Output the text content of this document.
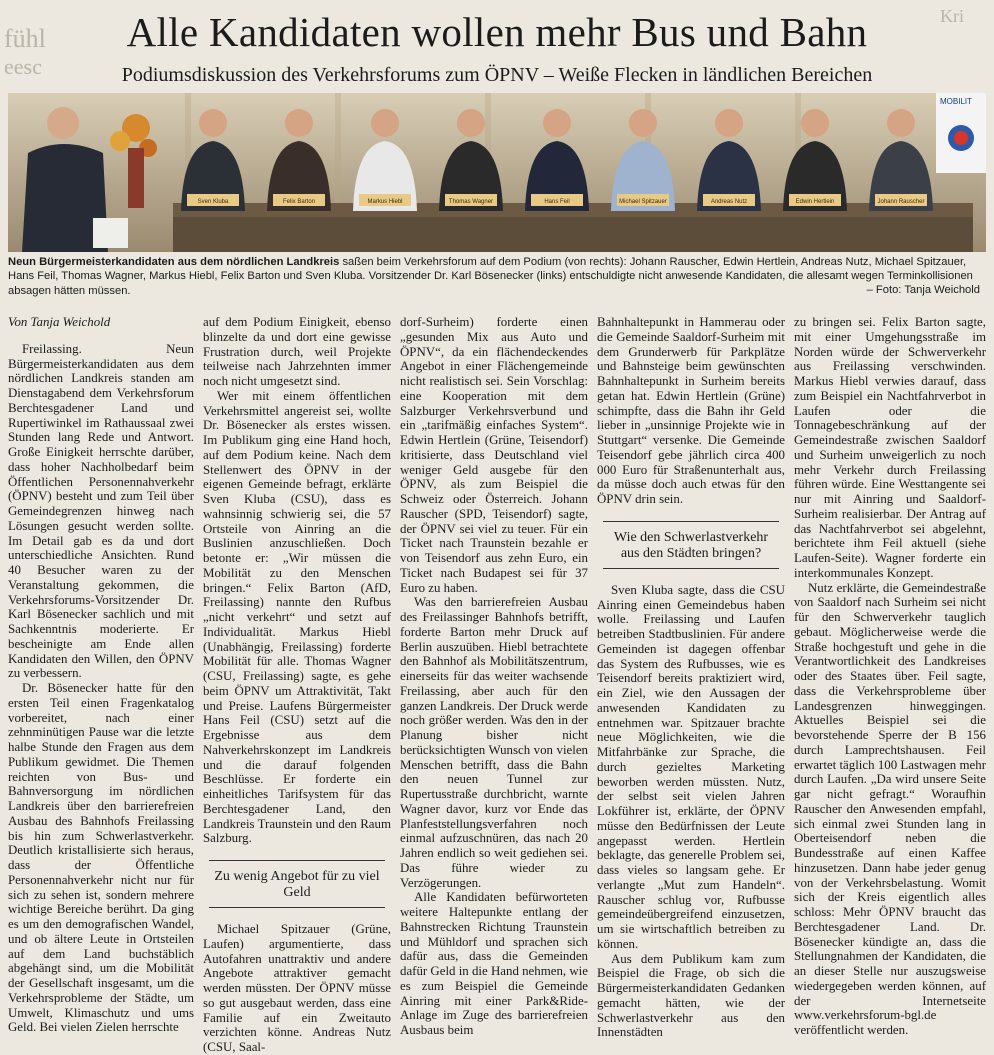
fühl
eesc
Kri
Alle Kandidaten wollen mehr Bus und Bahn
Podiumsdiskussion des Verkehrsforums zum ÖPNV – Weiße Flecken in ländlichen Bereichen
MOBILIT
Sven Kluba	Felix Barton	Markus Hiebl	Thomas Wagner	Hans Feil	Michael Spitzauer	Andreas Nutz	Edwin Hertlein	Johann Rauscher
Neun Bürgermeisterkandidaten aus dem nördlichen Landkreis saßen beim Verkehrsforum auf dem Podium (von rechts): Johann Rauscher, Edwin Hertlein, Andreas Nutz, Michael Spitzauer, Hans Feil, Thomas Wagner, Markus Hiebl, Felix Barton und Sven Kluba. Vorsitzender Dr. Karl Bösenecker (links) entschuldigte nicht anwesende Kandidaten, die allesamt wegen Terminkollisionen absagen hätten müssen.	– Foto: Tanja Weichold
Von Tanja Weichold

Freilassing. Neun Bürgermeisterkandidaten aus dem nördlichen Landkreis standen am Dienstagabend dem Verkehrsforum Berchtesgadener Land und Rupertiwinkel im Rathaussaal zwei Stunden lang Rede und Antwort. Große Einigkeit herrschte darüber, dass hoher Nachholbedarf beim Öffentlichen Personennahverkehr (ÖPNV) besteht und zum Teil über Gemeindegrenzen hinweg nach Lösungen gesucht werden sollte. Im Detail gab es da und dort unterschiedliche Ansichten. Rund 40 Besucher waren zu der Veranstaltung gekommen, die Verkehrsforums-Vorsitzender Dr. Karl Bösenecker sachlich und mit Sachkenntnis moderierte. Er bescheinigte am Ende allen Kandidaten den Willen, den ÖPNV zu verbessern.

Dr. Bösenecker hatte für den ersten Teil einen Fragenkatalog vorbereitet, nach einer zehnminütigen Pause war die letzte halbe Stunde den Fragen aus dem Publikum gewidmet. Die Themen reichten von Bus- und Bahnversorgung im nördlichen Landkreis über den barrierefreien Ausbau des Bahnhofs Freilassing bis hin zum Schwerlastverkehr. Deutlich kristallisierte sich heraus, dass der Öffentliche Personennahverkehr nicht nur für sich zu sehen ist, sondern mehrere wichtige Bereiche berührt. Da ging es um den demografischen Wandel, und ob ältere Leute in Ortsteilen auf dem Land buchstäblich abgehängt sind, um die Mobilität der Gesellschaft insgesamt, um die Verkehrsprobleme der Städte, um Umwelt, Klimaschutz und ums Geld. Bei vielen Zielen herrschte

auf dem Podium Einigkeit, ebenso blinzelte da und dort eine gewisse Frustration durch, weil Projekte teilweise nach Jahrzehnten immer noch nicht umgesetzt sind.

Wer mit einem öffentlichen Verkehrsmittel angereist sei, wollte Dr. Bösenecker als erstes wissen. Im Publikum ging eine Hand hoch, auf dem Podium keine. Nach dem Stellenwert des ÖPNV in der eigenen Gemeinde befragt, erklärte Sven Kluba (CSU), dass es wahnsinnig schwierig sei, die 57 Ortsteile von Ainring an die Buslinien anzuschließen. Doch betonte er: „Wir müssen die Mobilität zu den Menschen bringen.“ Felix Barton (AfD, Freilassing) nannte den Rufbus „nicht verkehrt“ und setzt auf Individualität. Markus Hiebl (Unabhängig, Freilassing) forderte Mobilität für alle. Thomas Wagner (CSU, Freilassing) sagte, es gehe beim ÖPNV um Attraktivität, Takt und Preise. Laufens Bürgermeister Hans Feil (CSU) setzt auf die Ergebnisse aus dem Nahverkehrskonzept im Landkreis und die darauf folgenden Beschlüsse. Er forderte ein einheitliches Tarifsystem für das Berchtesgadener Land, den Landkreis Traunstein und den Raum Salzburg.

Zu wenig Angebot für zu viel Geld

Michael Spitzauer (Grüne, Laufen) argumentierte, dass Autofahren unattraktiv und andere Angebote attraktiver gemacht werden müssten. Der ÖPNV müsse so gut ausgebaut werden, dass eine Familie auf ein Zweitauto verzichten könne. Andreas Nutz (CSU, Saal-

dorf-Surheim) forderte einen „gesunden Mix aus Auto und ÖPNV“, da ein flächendeckendes Angebot in einer Flächengemeinde nicht realistisch sei. Sein Vorschlag: eine Kooperation mit dem Salzburger Verkehrsverbund und ein „tarifmäßig einfaches System“. Edwin Hertlein (Grüne, Teisendorf) kritisierte, dass Deutschland viel weniger Geld ausgebe für den ÖPNV, als zum Beispiel die Schweiz oder Österreich. Johann Rauscher (SPD, Teisendorf) sagte, der ÖPNV sei viel zu teuer. Für ein Ticket nach Traunstein bezahle er von Teisendorf aus zehn Euro, ein Ticket nach Budapest sei für 37 Euro zu haben.

Was den barrierefreien Ausbau des Freilassinger Bahnhofs betrifft, forderte Barton mehr Druck auf Berlin auszuüben. Hiebl betrachtete den Bahnhof als Mobilitätszentrum, einerseits für das weiter wachsende Freilassing, aber auch für den ganzen Landkreis. Der Druck werde noch größer werden. Was den in der Planung bisher nicht berücksichtigten Wunsch von vielen Menschen betrifft, dass die Bahn den neuen Tunnel zur Rupertusstraße durchbricht, warnte Wagner davor, kurz vor Ende das Planfeststellungsverfahren noch einmal aufzuschnüren, das nach 20 Jahren endlich so weit gediehen sei. Das führe wieder zu Verzögerungen.

Alle Kandidaten befürworteten weitere Haltepunkte entlang der Bahnstrecken Richtung Traunstein und Mühldorf und sprachen sich dafür aus, dass die Gemeinden dafür Geld in die Hand nehmen, wie es zum Beispiel die Gemeinde Ainring mit einer Park&Ride-Anlage im Zuge des barrierefreien Ausbaus beim

Bahnhaltepunkt in Hammerau oder die Gemeinde Saaldorf-Surheim mit dem Grunderwerb für Parkplätze und Bahnsteige beim gewünschten Bahnhaltepunkt in Surheim bereits getan hat. Edwin Hertlein (Grüne) schimpfte, dass die Bahn ihr Geld lieber in „unsinnige Projekte wie in Stuttgart“ versenke. Die Gemeinde Teisendorf gebe jährlich circa 400 000 Euro für Straßenunterhalt aus, da müsse doch auch etwas für den ÖPNV drin sein.

Wie den Schwerlastverkehr aus den Städten bringen?

Sven Kluba sagte, dass die CSU Ainring einen Gemeindebus haben wolle. Freilassing und Laufen betreiben Stadtbuslinien. Für andere Gemeinden ist dagegen offenbar das System des Rufbusses, wie es Teisendorf bereits praktiziert wird, ein Ziel, wie den Aussagen der anwesenden Kandidaten zu entnehmen war. Spitzauer brachte neue Möglichkeiten, wie die Mitfahrbänke zur Sprache, die durch gezieltes Marketing beworben werden müssten. Nutz, der selbst seit vielen Jahren Lokführer ist, erklärte, der ÖPNV müsse den Bedürfnissen der Leute angepasst werden. Hertlein beklagte, das generelle Problem sei, dass vieles so langsam gehe. Er verlangte „Mut zum Handeln“. Rauscher schlug vor, Rufbusse gemeindeübergreifend einzusetzen, um sie wirtschaftlich betreiben zu können.

Aus dem Publikum kam zum Beispiel die Frage, ob sich die Bürgermeisterkandidaten Gedanken gemacht hätten, wie der Schwerlastverkehr aus den Innenstädten

zu bringen sei. Felix Barton sagte, mit einer Umgehungsstraße im Norden würde der Schwerverkehr aus Freilassing verschwinden. Markus Hiebl verwies darauf, dass zum Beispiel ein Nachtfahrverbot in Laufen oder die Tonnagebeschränkung auf der Gemeindestraße zwischen Saaldorf und Surheim unweigerlich zu noch mehr Verkehr durch Freilassing führen würde. Eine Westtangente sei nur mit Ainring und Saaldorf-Surheim realisierbar. Der Antrag auf das Nachtfahrverbot sei abgelehnt, berichtete ihm Feil aktuell (siehe Laufen-Seite). Wagner forderte ein interkommunales Konzept.

Nutz erklärte, die Gemeindestraße von Saaldorf nach Surheim sei nicht für den Schwerverkehr tauglich gebaut. Möglicherweise werde die Straße hochgestuft und gehe in die Verantwortlichkeit des Landkreises oder des Staates über. Feil sagte, dass die Verkehrsprobleme über Landesgrenzen hinweggingen. Aktuelles Beispiel sei die bevorstehende Sperre der B 156 durch Lamprechtshausen. Feil erwartet täglich 100 Lastwagen mehr durch Laufen. „Da wird unsere Seite gar nicht gefragt.“ Woraufhin Rauscher den Anwesenden empfahl, sich einmal zwei Stunden lang in Oberteisendorf neben die Bundesstraße auf einen Kaffee hinzusetzen. Dann habe jeder genug von der Verkehrsbelastung. Womit sich der Kreis eigentlich alles schloss: Mehr ÖPNV braucht das Berchtesgadener Land. Dr. Bösenecker kündigte an, dass die Stellungnahmen der Kandidaten, die an dieser Stelle nur auszugsweise wiedergegeben werden können, auf der Internetseite www.verkehrsforum-bgl.de veröffentlicht werden.
